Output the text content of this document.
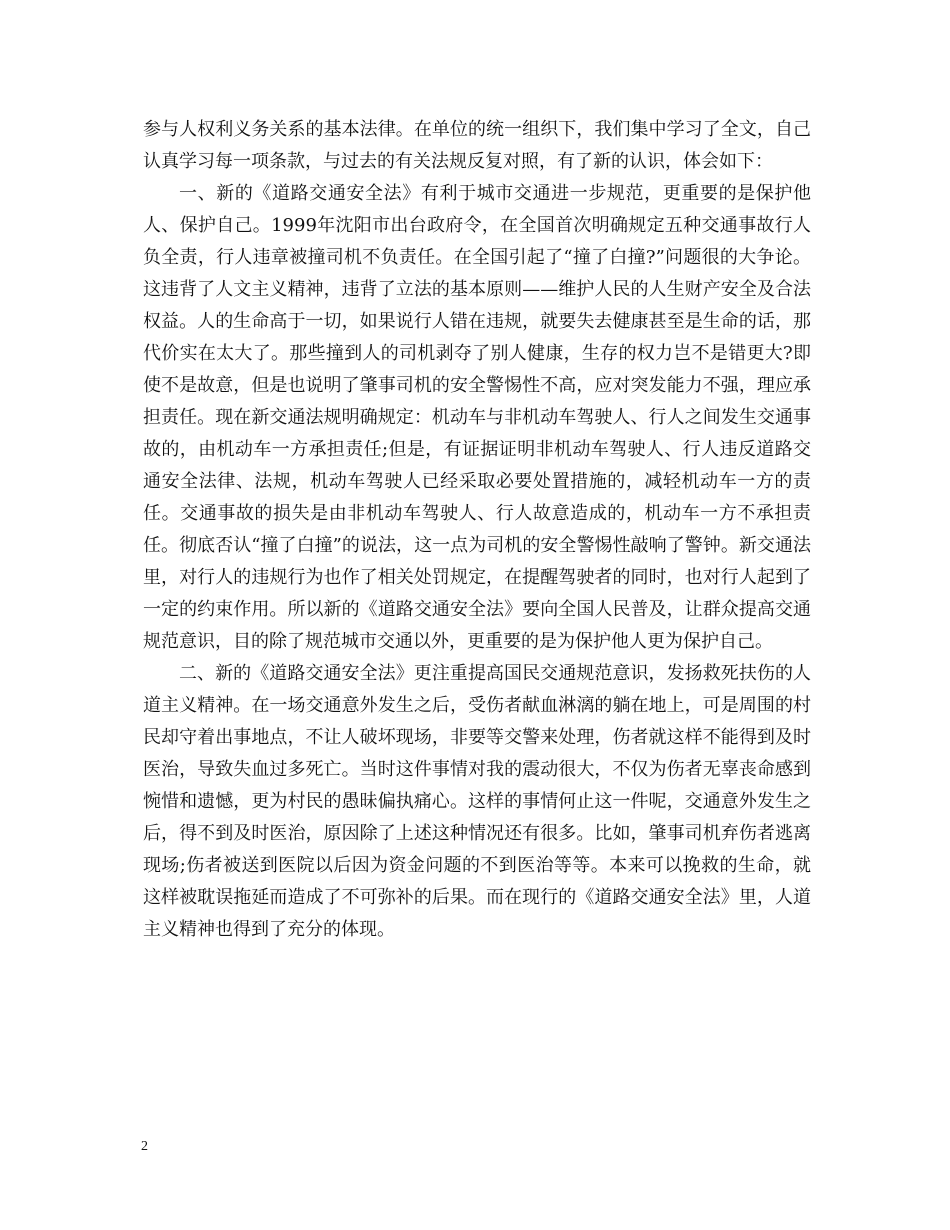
参与人权利义务关系的基本法律。在单位的统一组织下，我们集中学习了全文，自己认真学习每一项条款，与过去的有关法规反复对照，有了新的认识，体会如下：

一、新的《道路交通安全法》有利于城市交通进一步规范，更重要的是保护他人、保护自己。1999年沈阳市出台政府令，在全国首次明确规定五种交通事故行人负全责，行人违章被撞司机不负责任。在全国引起了“撞了白撞?”问题很的大争论。这违背了人文主义精神，违背了立法的基本原则——维护人民的人生财产安全及合法权益。人的生命高于一切，如果说行人错在违规，就要失去健康甚至是生命的话，那代价实在太大了。那些撞到人的司机剥夺了别人健康，生存的权力岂不是错更大?即使不是故意，但是也说明了肇事司机的安全警惕性不高，应对突发能力不强，理应承担责任。现在新交通法规明确规定：机动车与非机动车驾驶人、行人之间发生交通事故的，由机动车一方承担责任;但是，有证据证明非机动车驾驶人、行人违反道路交通安全法律、法规，机动车驾驶人已经采取必要处置措施的，减轻机动车一方的责任。交通事故的损失是由非机动车驾驶人、行人故意造成的，机动车一方不承担责任。彻底否认“撞了白撞”的说法，这一点为司机的安全警惕性敲响了警钟。新交通法里，对行人的违规行为也作了相关处罚规定，在提醒驾驶者的同时，也对行人起到了一定的约束作用。所以新的《道路交通安全法》要向全国人民普及，让群众提高交通规范意识，目的除了规范城市交通以外，更重要的是为保护他人更为保护自己。

二、新的《道路交通安全法》更注重提高国民交通规范意识，发扬救死扶伤的人道主义精神。在一场交通意外发生之后，受伤者献血淋漓的躺在地上，可是周围的村民却守着出事地点，不让人破坏现场，非要等交警来处理，伤者就这样不能得到及时医治，导致失血过多死亡。当时这件事情对我的震动很大，不仅为伤者无辜丧命感到惋惜和遗憾，更为村民的愚昧偏执痛心。这样的事情何止这一件呢，交通意外发生之后，得不到及时医治，原因除了上述这种情况还有很多。比如，肇事司机弃伤者逃离现场;伤者被送到医院以后因为资金问题的不到医治等等。本来可以挽救的生命，就这样被耽误拖延而造成了不可弥补的后果。而在现行的《道路交通安全法》里，人道主义精神也得到了充分的体现。

2
